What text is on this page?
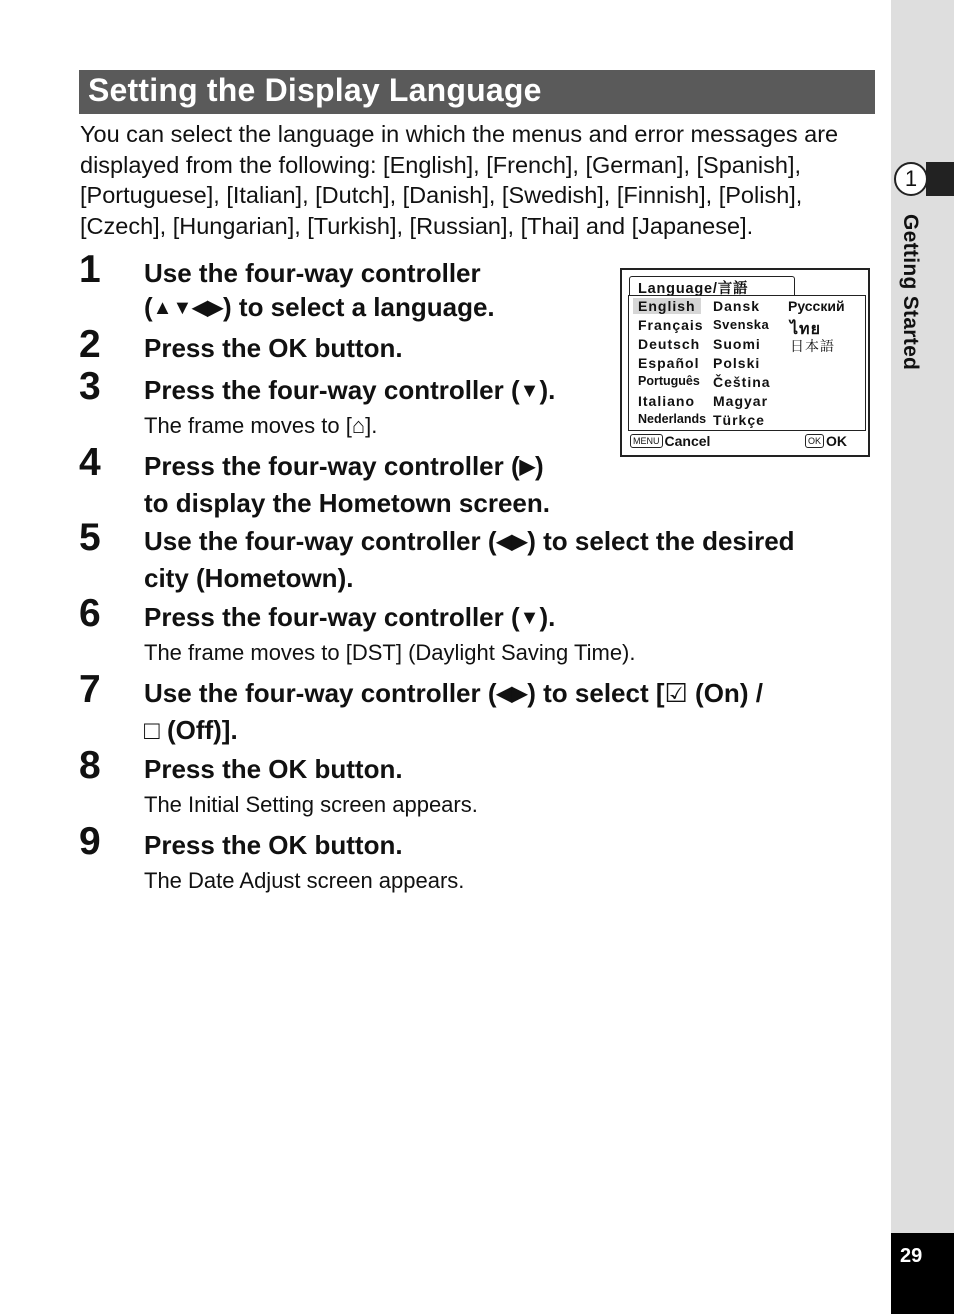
1
Getting Started
29
Setting the Display Language

You can select the language in which the menus and error messages are displayed from the following: [English], [French], [German], [Spanish], [Portuguese], [Italian], [Dutch], [Danish], [Swedish], [Finnish], [Polish], [Czech], [Hungarian], [Turkish], [Russian], [Thai] and [Japanese].

Language/言語
English
Français
Deutsch
Español
Português
Italiano
Nederlands
Dansk
Svenska
Suomi
Polski
Čeština
Magyar
Türkçe
Русский
ไทย
日本語
MENU Cancel	OK OK
1 Use the four-way controller
(▲▼◀▶) to select a language.

2 Press the OK button.

3 Press the four-way controller (▼).

The frame moves to [⌂].

4 Press the four-way controller (▶)
to display the Hometown screen.

5 Use the four-way controller (◀▶) to select the desired
city (Hometown).

6 Press the four-way controller (▼).

The frame moves to [DST] (Daylight Saving Time).

7 Use the four-way controller (◀▶) to select [☑ (On) /
□ (Off)].

8 Press the OK button.

The Initial Setting screen appears.

9 Press the OK button.

The Date Adjust screen appears.
